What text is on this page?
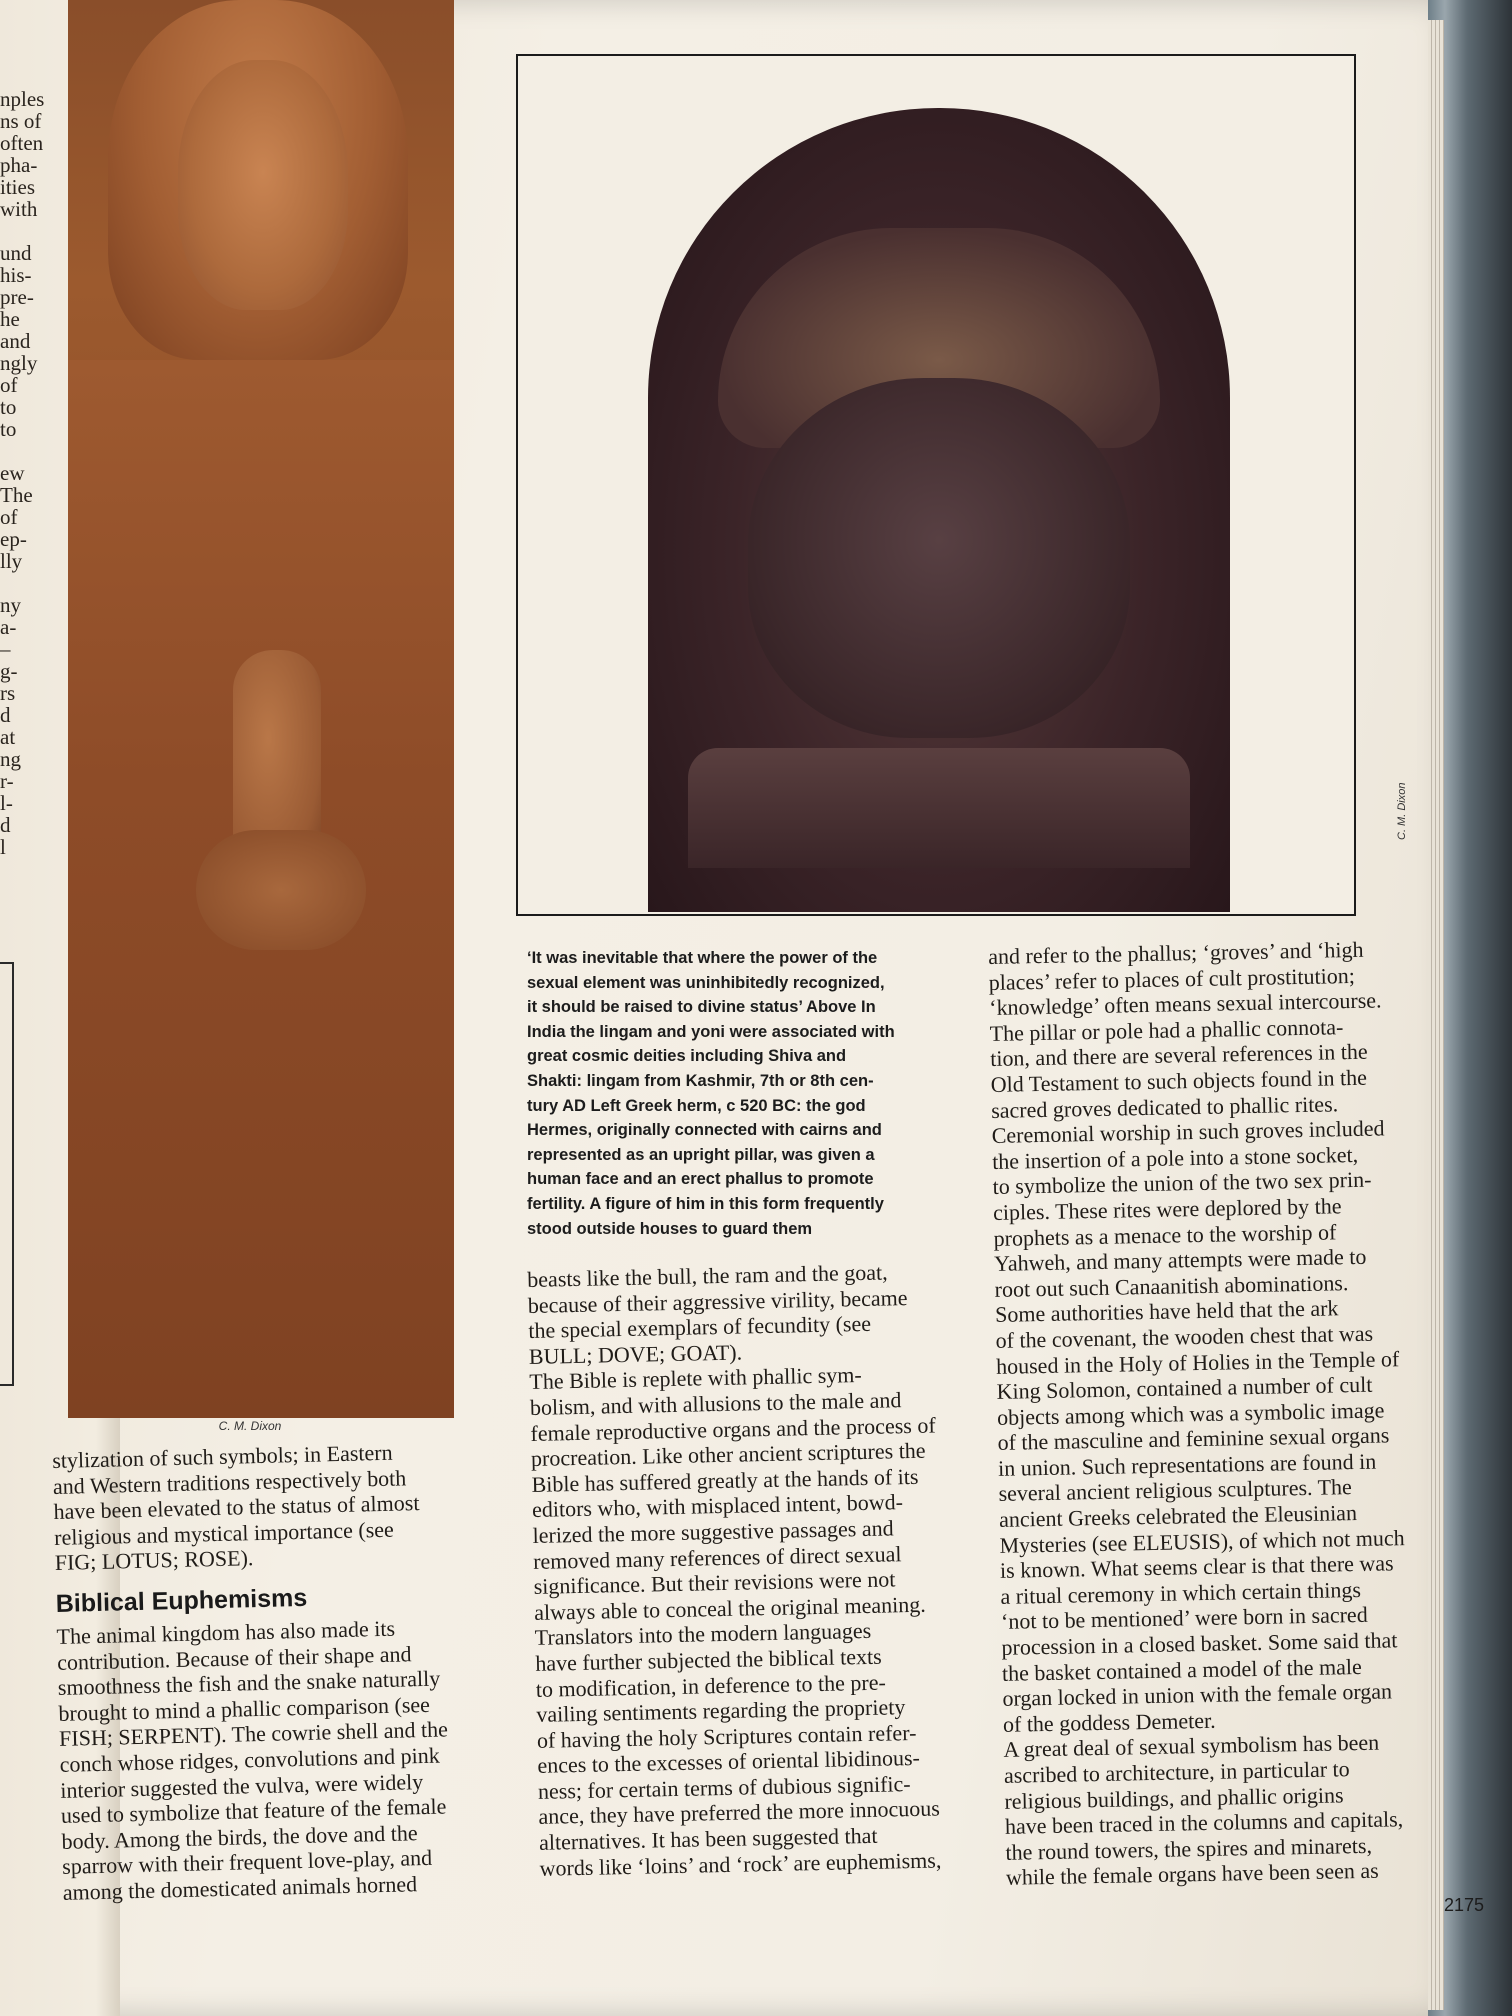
nples
ns of
often
pha-
ities
with

und
his-
pre-
he
and
ngly
of
to
to

ew
The
of
ep-
lly

ny
a-
–
g-
rs
d
at
ng
r-
l-
d
l
C. M. Dixon
‘It was inevitable that where the power of the
sexual element was uninhibitedly recognized,
it should be raised to divine status’ Above In
India the lingam and yoni were associated with
great cosmic deities including Shiva and
Shakti: lingam from Kashmir, 7th or 8th cen-
tury AD Left Greek herm, c 520 BC: the god
Hermes, originally connected with cairns and
represented as an upright pillar, was given a
human face and an erect phallus to promote
fertility. A figure of him in this form frequently
stood outside houses to guard them
stylization of such symbols; in Eastern
and Western traditions respectively both
have been elevated to the status of almost
religious and mystical importance (see
FIG; LOTUS; ROSE).
Biblical Euphemisms
The animal kingdom has also made its
contribution. Because of their shape and
smoothness the fish and the snake naturally
brought to mind a phallic comparison (see
FISH; SERPENT). The cowrie shell and the
conch whose ridges, convolutions and pink
interior suggested the vulva, were widely
used to symbolize that feature of the female
body. Among the birds, the dove and the
sparrow with their frequent love-play, and
among the domesticated animals horned
beasts like the bull, the ram and the goat,
because of their aggressive virility, became
the special exemplars of fecundity (see
BULL; DOVE; GOAT).
The Bible is replete with phallic sym-
bolism, and with allusions to the male and
female reproductive organs and the process of
procreation. Like other ancient scriptures the
Bible has suffered greatly at the hands of its
editors who, with misplaced intent, bowd-
lerized the more suggestive passages and
removed many references of direct sexual
significance. But their revisions were not
always able to conceal the original meaning.
Translators into the modern languages
have further subjected the biblical texts
to modification, in deference to the pre-
vailing sentiments regarding the propriety
of having the holy Scriptures contain refer-
ences to the excesses of oriental libidinous-
ness; for certain terms of dubious signific-
ance, they have preferred the more innocuous
alternatives. It has been suggested that
words like ‘loins’ and ‘rock’ are euphemisms,
and refer to the phallus; ‘groves’ and ‘high
places’ refer to places of cult prostitution;
‘knowledge’ often means sexual intercourse.
The pillar or pole had a phallic connota-
tion, and there are several references in the
Old Testament to such objects found in the
sacred groves dedicated to phallic rites.
Ceremonial worship in such groves included
the insertion of a pole into a stone socket,
to symbolize the union of the two sex prin-
ciples. These rites were deplored by the
prophets as a menace to the worship of
Yahweh, and many attempts were made to
root out such Canaanitish abominations.
Some authorities have held that the ark
of the covenant, the wooden chest that was
housed in the Holy of Holies in the Temple of
King Solomon, contained a number of cult
objects among which was a symbolic image
of the masculine and feminine sexual organs
in union. Such representations are found in
several ancient religious sculptures. The
ancient Greeks celebrated the Eleusinian
Mysteries (see ELEUSIS), of which not much
is known. What seems clear is that there was
a ritual ceremony in which certain things
‘not to be mentioned’ were born in sacred
procession in a closed basket. Some said that
the basket contained a model of the male
organ locked in union with the female organ
of the goddess Demeter.
A great deal of sexual symbolism has been
ascribed to architecture, in particular to
religious buildings, and phallic origins
have been traced in the columns and capitals,
the round towers, the spires and minarets,
while the female organs have been seen as
2175
